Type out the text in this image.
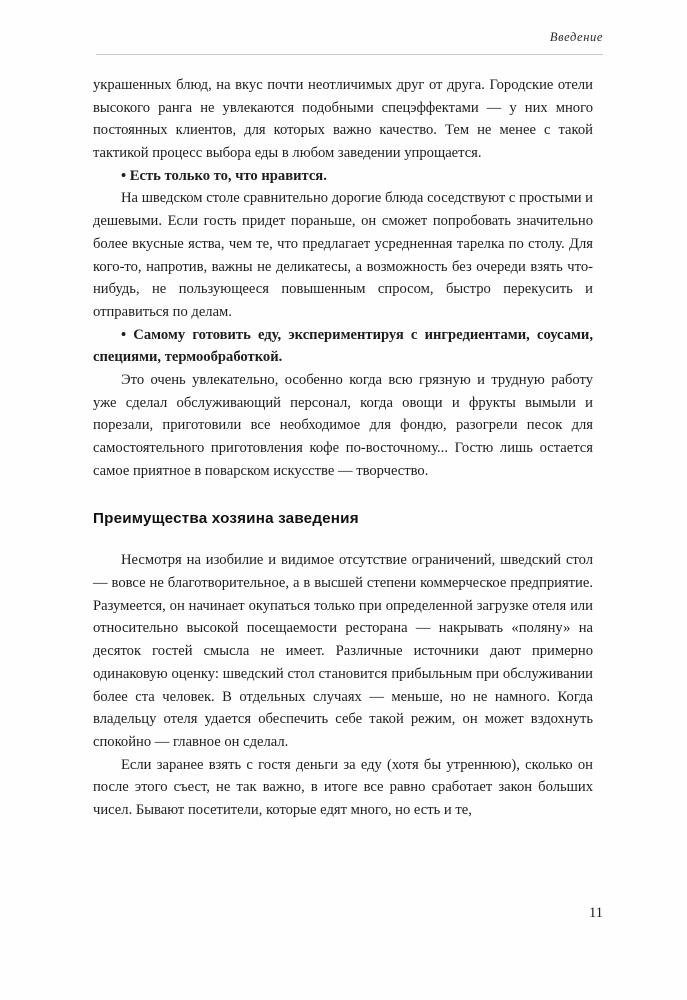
Введение

украшенных блюд, на вкус почти неотличимых друг от друга. Городские отели высокого ранга не увлекаются подобными спецэффектами — у них много постоянных клиентов, для которых важно качество. Тем не менее с такой тактикой процесс выбора еды в любом заведении упрощается.

• Есть только то, что нравится.

На шведском столе сравнительно дорогие блюда соседствуют с простыми и дешевыми. Если гость придет пораньше, он сможет попробовать значительно более вкусные яства, чем те, что предлагает усредненная тарелка по столу. Для кого-то, напротив, важны не деликатесы, а возможность без очереди взять что-нибудь, не пользующееся повышенным спросом, быстро перекусить и отправиться по делам.

• Самому готовить еду, экспериментируя с ингредиентами, соусами, специями, термообработкой.

Это очень увлекательно, особенно когда всю грязную и трудную работу уже сделал обслуживающий персонал, когда овощи и фрукты вымыли и порезали, приготовили все необходимое для фондю, разогрели песок для самостоятельного приготовления кофе по-восточному... Гостю лишь остается самое приятное в поварском искусстве — творчество.

Преимущества хозяина заведения

Несмотря на изобилие и видимое отсутствие ограничений, шведский стол — вовсе не благотворительное, а в высшей степени коммерческое предприятие. Разумеется, он начинает окупаться только при определенной загрузке отеля или относительно высокой посещаемости ресторана — накрывать «поляну» на десяток гостей смысла не имеет. Различные источники дают примерно одинаковую оценку: шведский стол становится прибыльным при обслуживании более ста человек. В отдельных случаях — меньше, но не намного. Когда владельцу отеля удается обеспечить себе такой режим, он может вздохнуть спокойно — главное он сделал.

Если заранее взять с гостя деньги за еду (хотя бы утреннюю), сколько он после этого съест, не так важно, в итоге все равно сработает закон больших чисел. Бывают посетители, которые едят много, но есть и те,

11
